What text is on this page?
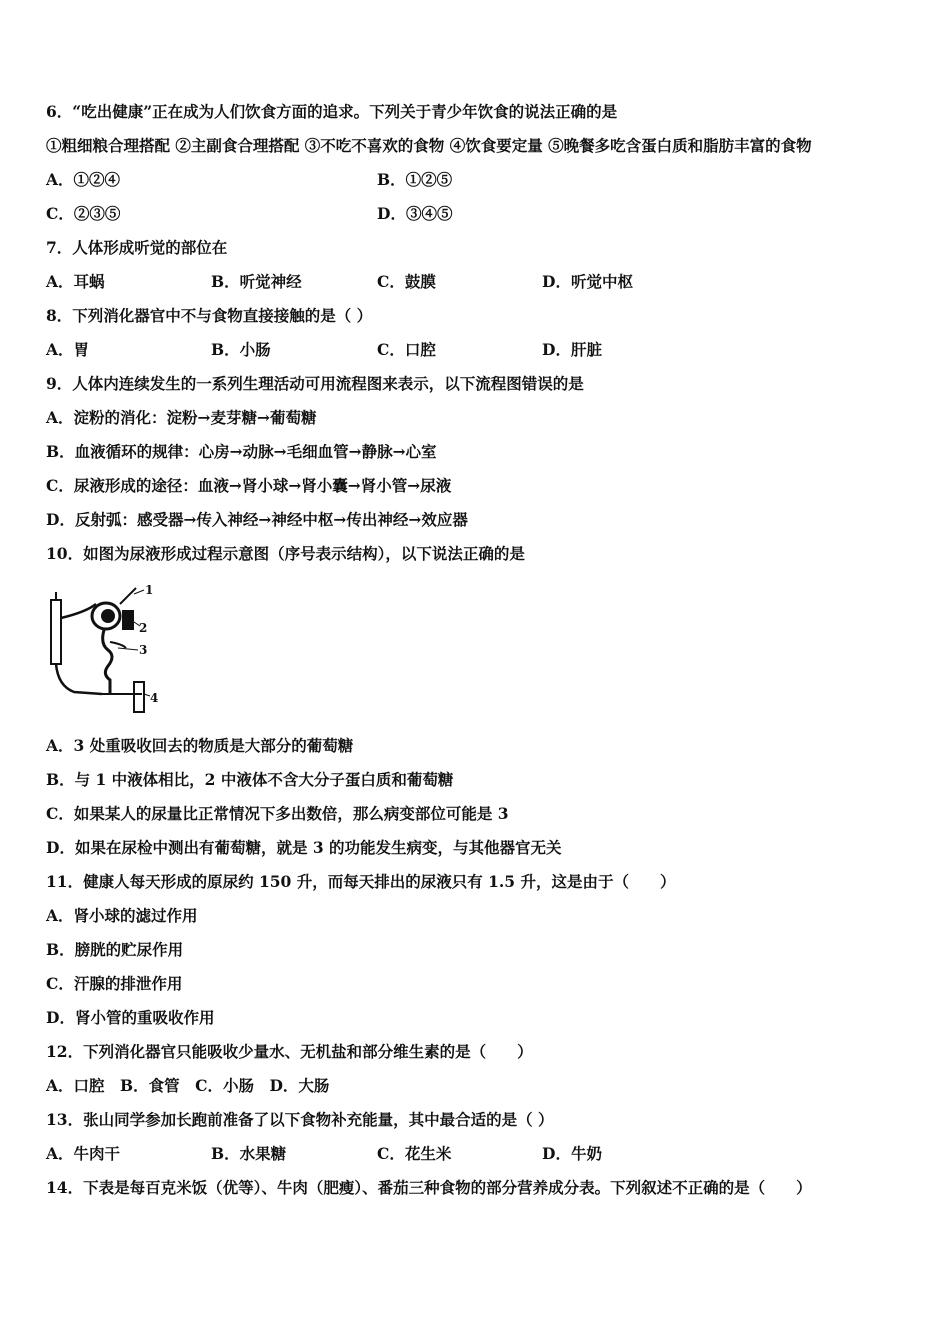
6．“吃出健康”正在成为人们饮食方面的追求。下列关于青少年饮食的说法正确的是
①粗细粮合理搭配 ②主副食合理搭配 ③不吃不喜欢的食物 ④饮食要定量 ⑤晚餐多吃含蛋白质和脂肪丰富的食物
A．①②④	B．①②⑤
C．②③⑤	D．③④⑤
7．人体形成听觉的部位在
A．耳蜗	B．听觉神经	C．鼓膜	D．听觉中枢
8．下列消化器官中不与食物直接接触的是（ ）
A．胃	B．小肠	C．口腔	D．肝脏
9．人体内连续发生的一系列生理活动可用流程图来表示，以下流程图错误的是
A．淀粉的消化：淀粉→麦芽糖→葡萄糖
B．血液循环的规律：心房→动脉→毛细血管→静脉→心室
C．尿液形成的途径：血液→肾小球→肾小囊→肾小管→尿液
D．反射弧：感受器→传入神经→神经中枢→传出神经→效应器
10．如图为尿液形成过程示意图（序号表示结构），以下说法正确的是
1
2
3
4
A．3 处重吸收回去的物质是大部分的葡萄糖
B．与 1 中液体相比，2 中液体不含大分子蛋白质和葡萄糖
C．如果某人的尿量比正常情况下多出数倍，那么病变部位可能是 3
D．如果在尿检中测出有葡萄糖，就是 3 的功能发生病变，与其他器官无关
11．健康人每天形成的原尿约 150 升，而每天排出的尿液只有 1.5 升，这是由于（　　）
A．肾小球的滤过作用
B．膀胱的贮尿作用
C．汗腺的排泄作用
D．肾小管的重吸收作用
12．下列消化器官只能吸收少量水、无机盐和部分维生素的是（　　）
A．口腔　B．食管　C．小肠　D．大肠
13．张山同学参加长跑前准备了以下食物补充能量，其中最合适的是（ ）
A．牛肉干	B．水果糖	C．花生米	D．牛奶
14．下表是每百克米饭（优等）、牛肉（肥瘦）、番茄三种食物的部分营养成分表。下列叙述不正确的是（　　）
